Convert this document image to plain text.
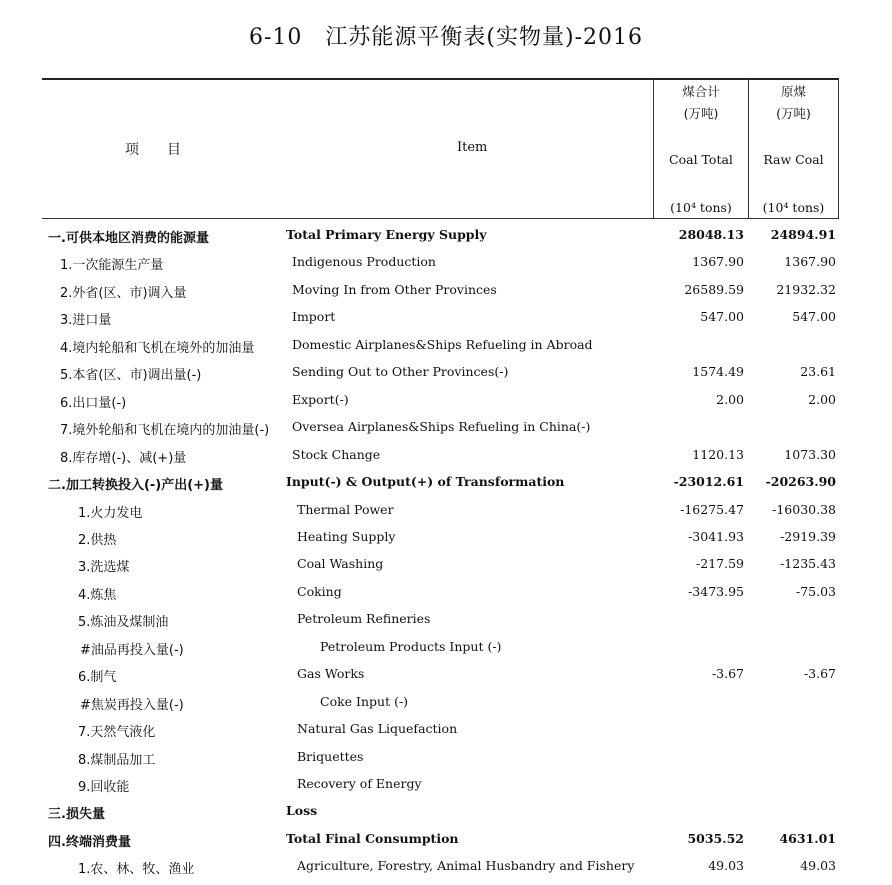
6-10　江苏能源平衡表(实物量)-2016
项　　目	Item
煤合计
(万吨)
Coal Total
(10⁴ tons)
原煤
(万吨)
Raw Coal
(10⁴ tons)
一.可供本地区消费的能源量	Total Primary Energy Supply	28048.13 24894.91
1.一次能源生产量	Indigenous Production	1367.90	1367.90
2.外省(区、市)调入量	Moving In from Other Provinces	26589.59	21932.32
3.进口量	Import	547.00	547.00
4.境内轮船和飞机在境外的加油量	Domestic Airplanes&Ships Refueling in Abroad
5.本省(区、市)调出量(-)	Sending Out to Other Provinces(-)	1574.49	23.61
6.出口量(-)	Export(-)	2.00	2.00
7.境外轮船和飞机在境内的加油量(-) Oversea Airplanes&Ships Refueling in China(-)
8.库存增(-)、减(+)量	Stock Change	1120.13	1073.30
二.加工转换投入(-)产出(+)量	Input(-) & Output(+) of Transformation	-23012.61 -20263.90
1.火力发电	Thermal Power	-16275.47 -16030.38
2.供热	Heating Supply	-3041.93	-2919.39
3.洗选煤	Coal Washing	-217.59	-1235.43
4.炼焦	Coking	-3473.95	-75.03
5.炼油及煤制油	Petroleum Refineries
#油品再投入量(-)	Petroleum Products Input (-)
6.制气	Gas Works	-3.67	-3.67
#焦炭再投入量(-)	Coke Input (-)
7.天然气液化	Natural Gas Liquefaction
8.煤制品加工	Briquettes
9.回收能	Recovery of Energy
三.损失量	Loss
四.终端消费量	Total Final Consumption	5035.52	4631.01
1.农、林、牧、渔业	Agriculture, Forestry, Animal Husbandry and Fishery	49.03	49.03
